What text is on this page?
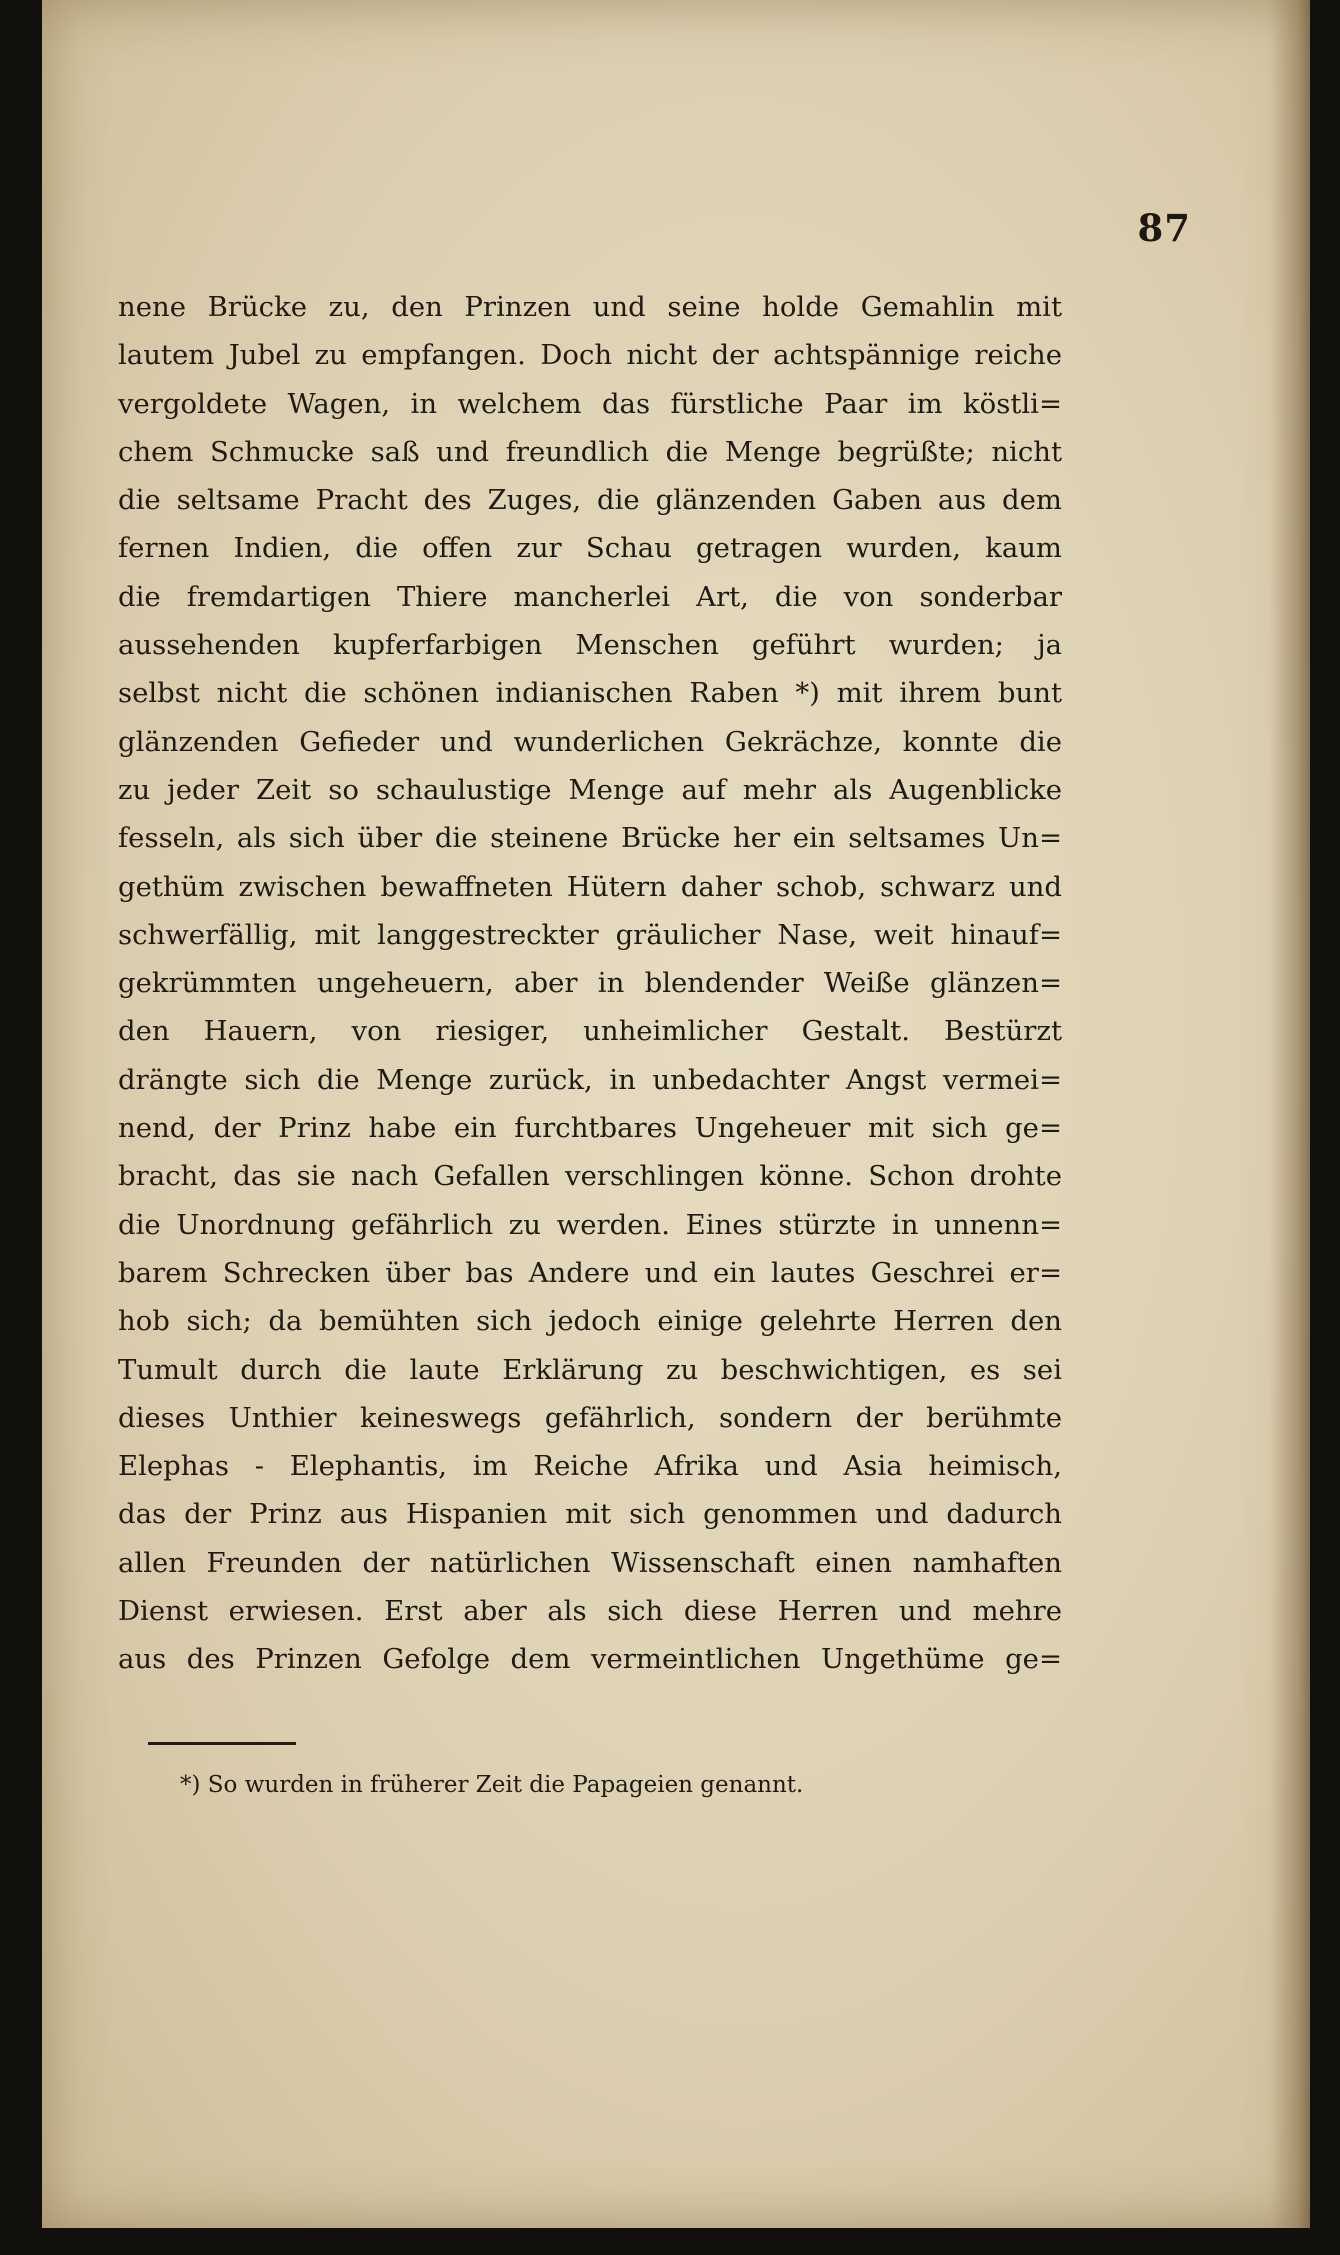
87

nene Brücke zu, den Prinzen und seine holde Gemahlin mit
lautem Jubel zu empfangen. Doch nicht der achtspännige reiche
vergoldete Wagen, in welchem das fürstliche Paar im köstli=
chem Schmucke saß und freundlich die Menge begrüßte; nicht
die seltsame Pracht des Zuges, die glänzenden Gaben aus dem
fernen Indien, die offen zur Schau getragen wurden, kaum
die fremdartigen Thiere mancherlei Art, die von sonderbar
aussehenden kupferfarbigen Menschen geführt wurden; ja
selbst nicht die schönen indianischen Raben *) mit ihrem bunt
glänzenden Gefieder und wunderlichen Gekrächze, konnte die
zu jeder Zeit so schaulustige Menge auf mehr als Augenblicke
fesseln, als sich über die steinene Brücke her ein seltsames Un=
gethüm zwischen bewaffneten Hütern daher schob, schwarz und
schwerfällig, mit langgestreckter gräulicher Nase, weit hinauf=
gekrümmten ungeheuern, aber in blendender Weiße glänzen=
den Hauern, von riesiger, unheimlicher Gestalt. Bestürzt
drängte sich die Menge zurück, in unbedachter Angst vermei=
nend, der Prinz habe ein furchtbares Ungeheuer mit sich ge=
bracht, das sie nach Gefallen verschlingen könne. Schon drohte
die Unordnung gefährlich zu werden. Eines stürzte in unnenn=
barem Schrecken über bas Andere und ein lautes Geschrei er=
hob sich; da bemühten sich jedoch einige gelehrte Herren den
Tumult durch die laute Erklärung zu beschwichtigen, es sei
dieses Unthier keineswegs gefährlich, sondern der berühmte
Elephas - Elephantis, im Reiche Afrika und Asia heimisch,
das der Prinz aus Hispanien mit sich genommen und dadurch
allen Freunden der natürlichen Wissenschaft einen namhaften
Dienst erwiesen. Erst aber als sich diese Herren und mehre
aus des Prinzen Gefolge dem vermeintlichen Ungethüme ge=

*) So wurden in früherer Zeit die Papageien genannt.
